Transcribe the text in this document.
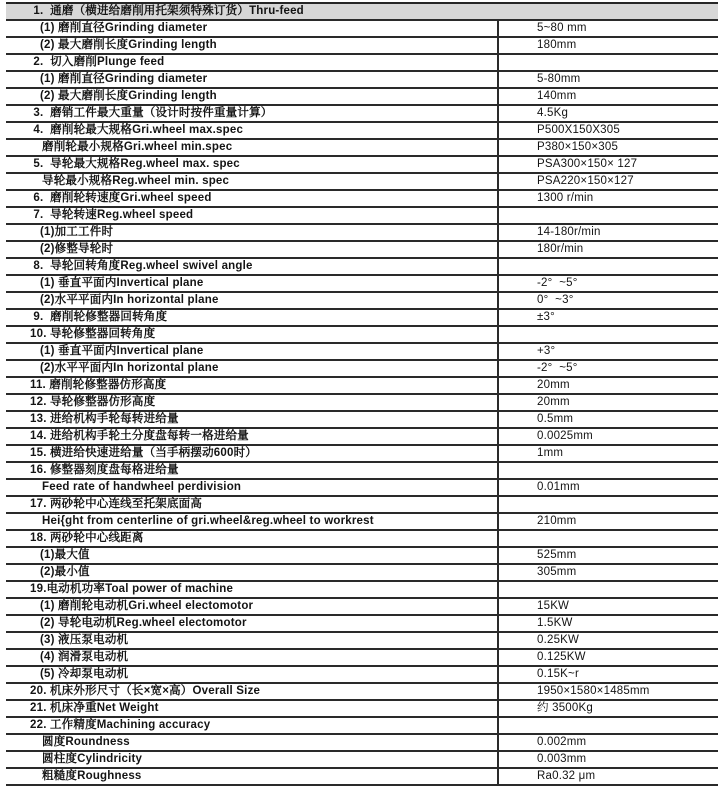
1.  通磨（横进给磨削用托架须特殊订货）Thru-feed
(1) 磨削直径Grinding diameter	5~80 mm
(2) 最大磨削长度Grinding length	180mm
2.  切入磨削Plunge feed
(1) 磨削直径Grinding diameter	5-80mm
(2) 最大磨削长度Grinding length	140mm
3.  磨销工件最大重量（设计时按件重量计算）	4.5Kg
4.  磨削轮最大规格Gri.wheel max.spec	P500X150X305
磨削轮最小规格Gri.wheel min.spec	P380×150×305
5.  导轮最大规格Reg.wheel max. spec	PSA300×150× 127
导轮最小规格Reg.wheel min. spec	PSA220×150×127
6.  磨削轮转速度Gri.wheel speed	1300 r/min
7.  导轮转速Reg.wheel speed
(1)加工工件时	14-180r/min
(2)修整导轮时	180r/min
8.  导轮回转角度Reg.wheel swivel angle
(1) 垂直平面内Invertical plane	-2°  ~5°
(2)水平平面内In horizontal plane	0°  ~3°
9.  磨削轮修整器回转角度	±3°
10. 导轮修整器回转角度
(1) 垂直平面内Invertical plane	+3°
(2)水平平面内In horizontal plane	-2°  ~5°
11. 磨削轮修整器仿形高度	20mm
12. 导轮修整器仿形高度	20mm
13. 进给机构手轮每转进给量	0.5mm
14. 进给机构手轮土分度盘每转一格进给量	0.0025mm
15. 横进给快速进给量（当手柄摆动600时）	1mm
16. 修整器刻度盘每格进给量
Feed rate of handwheel perdivision	0.01mm
17. 两砂轮中心连线至托架底面高
Hei{ght from centerline of gri.wheel&reg.wheel to workrest	210mm
18. 两砂轮中心线距离
(1)最大值	525mm
(2)最小值	305mm
19.电动机功率Toal power of machine
(1) 磨削轮电动机Gri.wheel electomotor	15KW
(2) 导轮电动机Reg.wheel electomotor	1.5KW
(3) 液压泵电动机	0.25KW
(4) 润滑泵电动机	0.125KW
(5) 冷却泵电动机	0.15K~r
20. 机床外形尺寸（长×宽×高）Overall Size	1950×1580×1485mm
21. 机床净重Net Weight	约 3500Kg
22. 工作精度Machining accuracy
圆度Roundness	0.002mm
圆柱度Cylindricity	0.003mm
粗糙度Roughness	Ra0.32 μm
